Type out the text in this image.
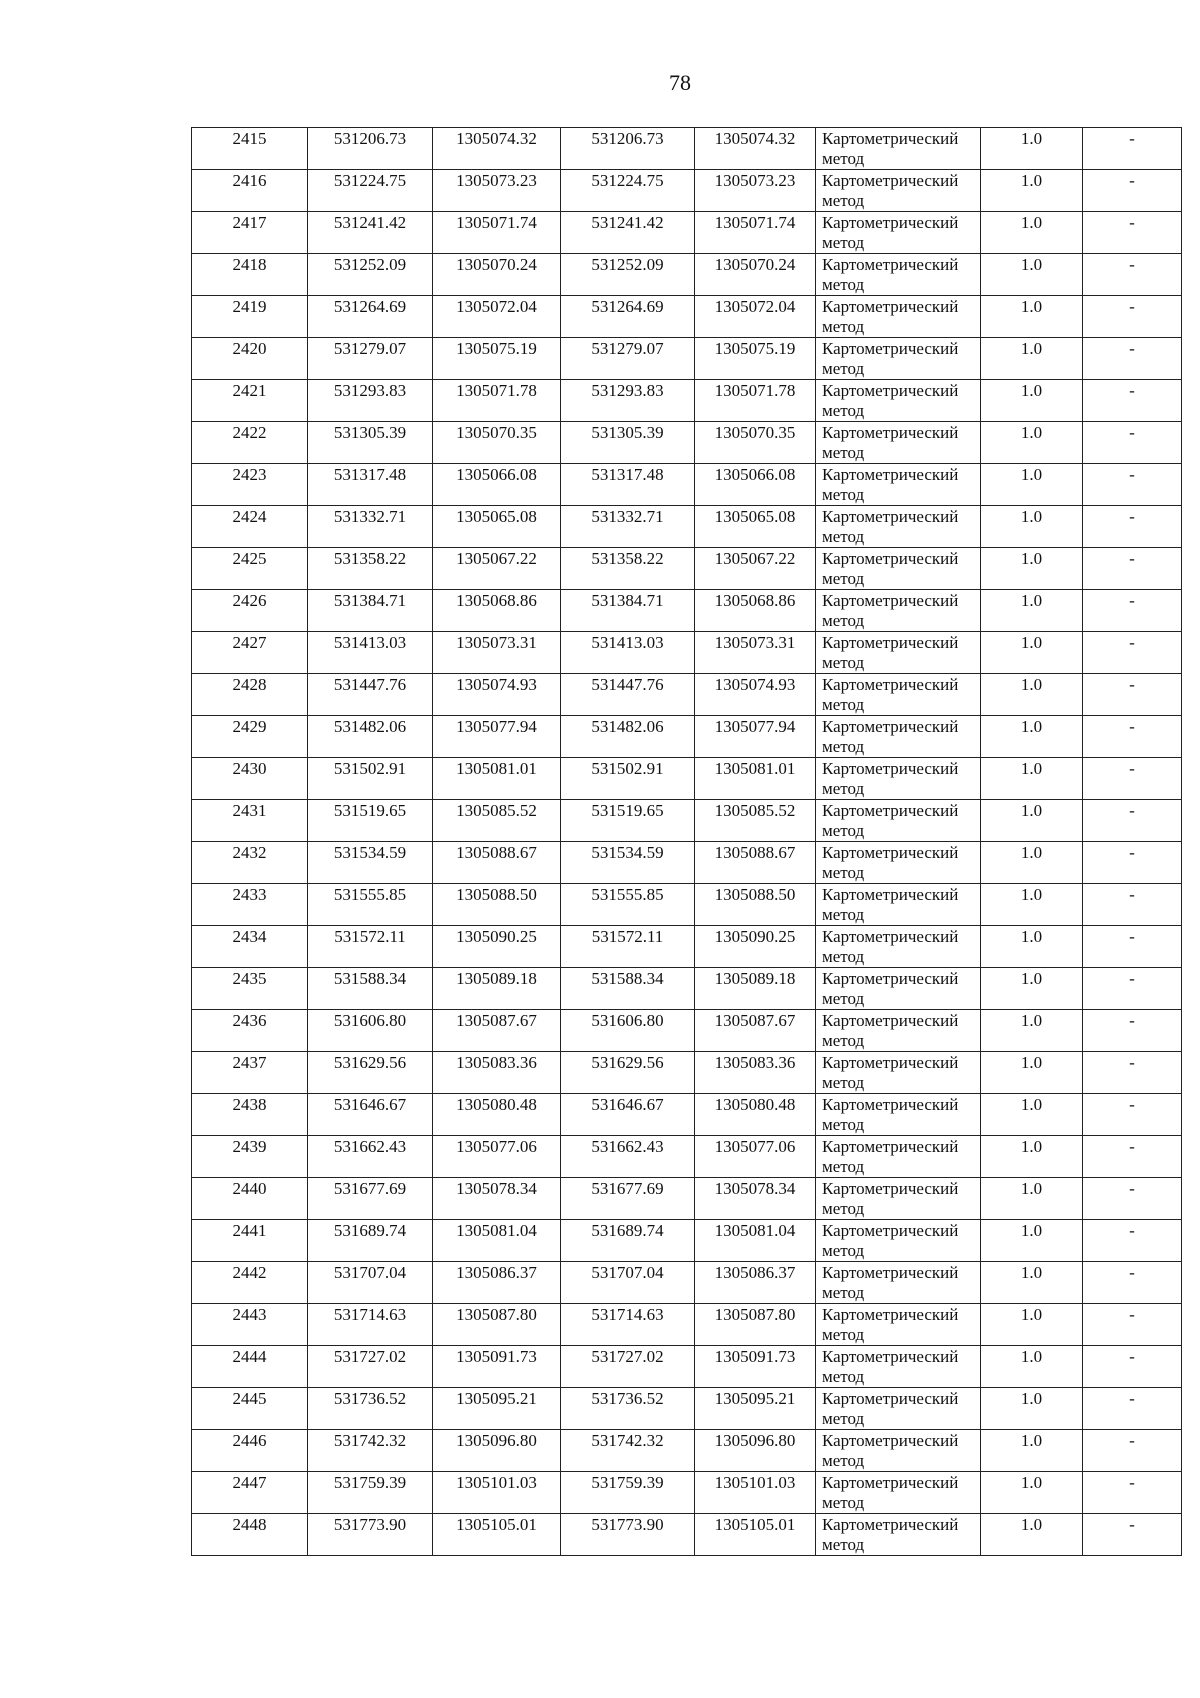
78
2415	531206.73	1305074.32	531206.73	1305074.32	Картометрический метод	1.0	-

2416	531224.75	1305073.23	531224.75	1305073.23	Картометрический метод	1.0	-

2417	531241.42	1305071.74	531241.42	1305071.74	Картометрический метод	1.0	-

2418	531252.09	1305070.24	531252.09	1305070.24	Картометрический метод	1.0	-

2419	531264.69	1305072.04	531264.69	1305072.04	Картометрический метод	1.0	-

2420	531279.07	1305075.19	531279.07	1305075.19	Картометрический метод	1.0	-

2421	531293.83	1305071.78	531293.83	1305071.78	Картометрический метод	1.0	-

2422	531305.39	1305070.35	531305.39	1305070.35	Картометрический метод	1.0	-

2423	531317.48	1305066.08	531317.48	1305066.08	Картометрический метод	1.0	-

2424	531332.71	1305065.08	531332.71	1305065.08	Картометрический метод	1.0	-

2425	531358.22	1305067.22	531358.22	1305067.22	Картометрический метод	1.0	-

2426	531384.71	1305068.86	531384.71	1305068.86	Картометрический метод	1.0	-

2427	531413.03	1305073.31	531413.03	1305073.31	Картометрический метод	1.0	-

2428	531447.76	1305074.93	531447.76	1305074.93	Картометрический метод	1.0	-

2429	531482.06	1305077.94	531482.06	1305077.94	Картометрический метод	1.0	-

2430	531502.91	1305081.01	531502.91	1305081.01	Картометрический метод	1.0	-

2431	531519.65	1305085.52	531519.65	1305085.52	Картометрический метод	1.0	-

2432	531534.59	1305088.67	531534.59	1305088.67	Картометрический метод	1.0	-

2433	531555.85	1305088.50	531555.85	1305088.50	Картометрический метод	1.0	-

2434	531572.11	1305090.25	531572.11	1305090.25	Картометрический метод	1.0	-

2435	531588.34	1305089.18	531588.34	1305089.18	Картометрический метод	1.0	-

2436	531606.80	1305087.67	531606.80	1305087.67	Картометрический метод	1.0	-

2437	531629.56	1305083.36	531629.56	1305083.36	Картометрический метод	1.0	-

2438	531646.67	1305080.48	531646.67	1305080.48	Картометрический метод	1.0	-

2439	531662.43	1305077.06	531662.43	1305077.06	Картометрический метод	1.0	-

2440	531677.69	1305078.34	531677.69	1305078.34	Картометрический метод	1.0	-

2441	531689.74	1305081.04	531689.74	1305081.04	Картометрический метод	1.0	-

2442	531707.04	1305086.37	531707.04	1305086.37	Картометрический метод	1.0	-

2443	531714.63	1305087.80	531714.63	1305087.80	Картометрический метод	1.0	-

2444	531727.02	1305091.73	531727.02	1305091.73	Картометрический метод	1.0	-

2445	531736.52	1305095.21	531736.52	1305095.21	Картометрический метод	1.0	-

2446	531742.32	1305096.80	531742.32	1305096.80	Картометрический метод	1.0	-

2447	531759.39	1305101.03	531759.39	1305101.03	Картометрический метод	1.0	-

2448	531773.90	1305105.01	531773.90	1305105.01	Картометрический метод	1.0	-
